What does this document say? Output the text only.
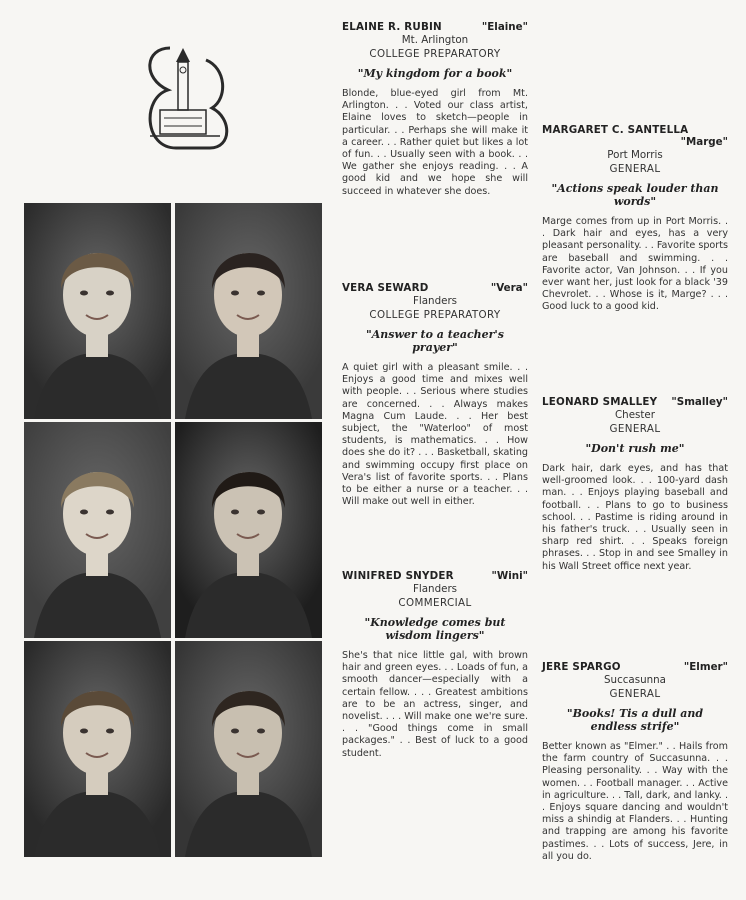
ELAINE R. RUBIN	"Elaine"
Mt. Arlington
COLLEGE PREPARATORY
"My kingdom for a book"

Blonde, blue-eyed girl from Mt. Arlington. . . Voted our class artist, Elaine loves to sketch—people in particular. . . Perhaps she will make it a career. . . Rather quiet but likes a lot of fun. . . Usually seen with a book. . . We gather she enjoys reading. . . A good kid and we hope she will succeed in whatever she does.

VERA SEWARD	"Vera"
Flanders
COLLEGE PREPARATORY
"Answer to a teacher's prayer"

A quiet girl with a pleasant smile. . . Enjoys a good time and mixes well with people. . . Serious where studies are concerned. . . Always makes Magna Cum Laude. . . Her best subject, the "Waterloo" of most students, is mathematics. . . How does she do it? . . . Basketball, skating and swimming occupy first place on Vera's list of favorite sports. . . Plans to be either a nurse or a teacher. . . Will make out well in either.

WINIFRED SNYDER	"Wini"
Flanders
COMMERCIAL
"Knowledge comes but wisdom lingers"

She's that nice little gal, with brown hair and green eyes. . . Loads of fun, a smooth dancer—especially with a certain fellow. . . . Greatest ambitions are to be an actress, singer, and novelist. . . . Will make one we're sure. . . "Good things come in small packages." . . Best of luck to a good student.

MARGARET C. SANTELLA
"Marge"
Port Morris
GENERAL
"Actions speak louder than words"

Marge comes from up in Port Morris. . . Dark hair and eyes, has a very pleasant personality. . . Favorite sports are baseball and swimming. . . Favorite actor, Van Johnson. . . If you ever want her, just look for a black '39 Chevrolet. . . Whose is it, Marge? . . . Good luck to a good kid.

LEONARD SMALLEY "Smalley"
Chester
GENERAL
"Don't rush me"

Dark hair, dark eyes, and has that well-groomed look. . . 100-yard dash man. . . Enjoys playing baseball and football. . . Plans to go to business school. . . Pastime is riding around in his father's truck. . . Usually seen in sharp red shirt. . . Speaks foreign phrases. . . Stop in and see Smalley in his Wall Street office next year.

JERE SPARGO	"Elmer"
Succasunna
GENERAL
"Books! Tis a dull and endless strife"

Better known as "Elmer." . . Hails from the farm country of Succasunna. . . Pleasing personality. . . Way with the women. . . Football manager. . . Active in agriculture. . . Tall, dark, and lanky. . . Enjoys square dancing and wouldn't miss a shindig at Flanders. . . Hunting and trapping are among his favorite pastimes. . . Lots of success, Jere, in all you do.
